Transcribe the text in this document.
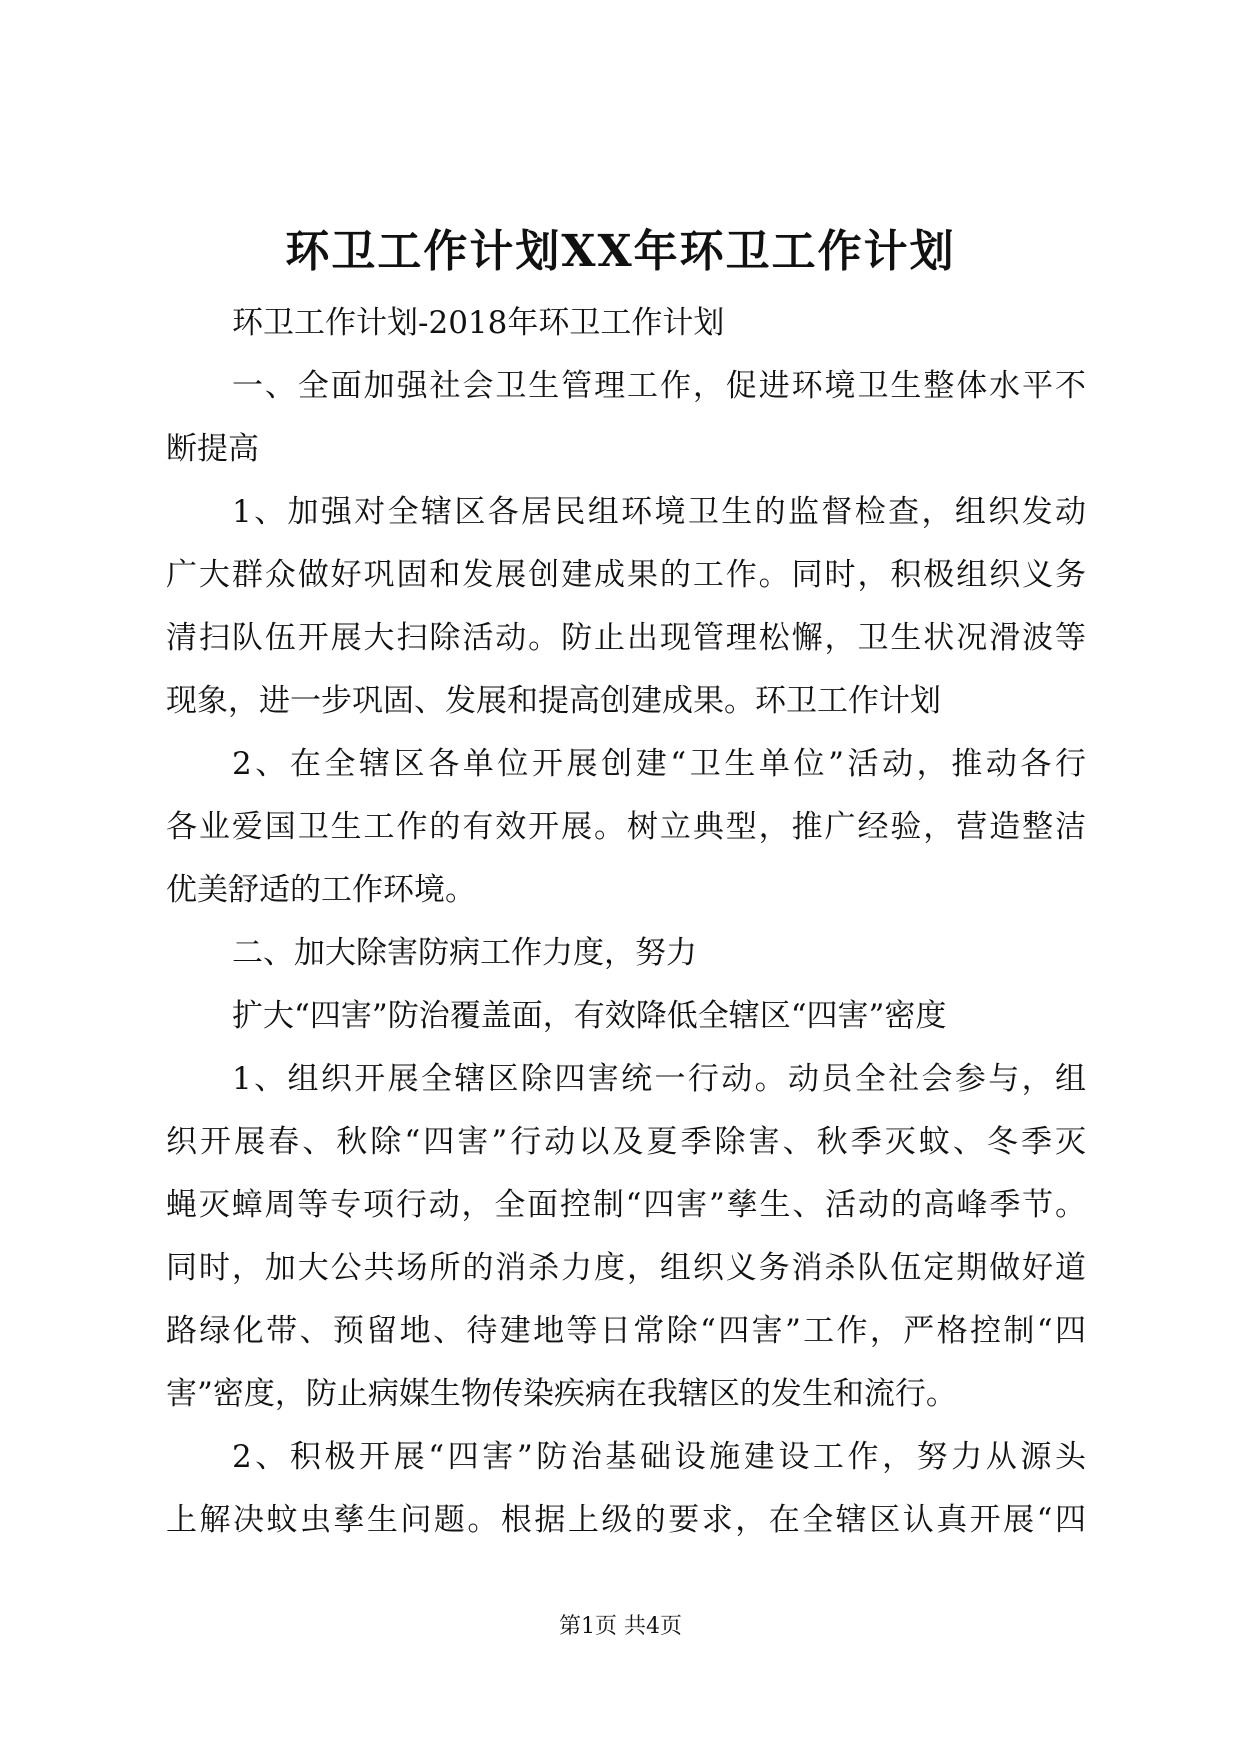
环卫工作计划XX年环卫工作计划
环卫工作计划-2018年环卫工作计划
一、全面加强社会卫生管理工作，促进环境卫生整体水平不
断提高
1、加强对全辖区各居民组环境卫生的监督检查，组织发动
广大群众做好巩固和发展创建成果的工作。同时，积极组织义务
清扫队伍开展大扫除活动。防止出现管理松懈，卫生状况滑波等
现象，进一步巩固、发展和提高创建成果。环卫工作计划
2、在全辖区各单位开展创建“卫生单位”活动，推动各行
各业爱国卫生工作的有效开展。树立典型，推广经验，营造整洁
优美舒适的工作环境。
二、加大除害防病工作力度，努力
扩大“四害”防治覆盖面，有效降低全辖区“四害”密度
1、组织开展全辖区除四害统一行动。动员全社会参与，组
织开展春、秋除“四害”行动以及夏季除害、秋季灭蚊、冬季灭
蝇灭蟑周等专项行动，全面控制“四害”孳生、活动的高峰季节。
同时，加大公共场所的消杀力度，组织义务消杀队伍定期做好道
路绿化带、预留地、待建地等日常除“四害”工作，严格控制“四
害”密度，防止病媒生物传染疾病在我辖区的发生和流行。
2、积极开展“四害”防治基础设施建设工作，努力从源头
上解决蚊虫孳生问题。根据上级的要求，在全辖区认真开展“四
第1页 共4页
